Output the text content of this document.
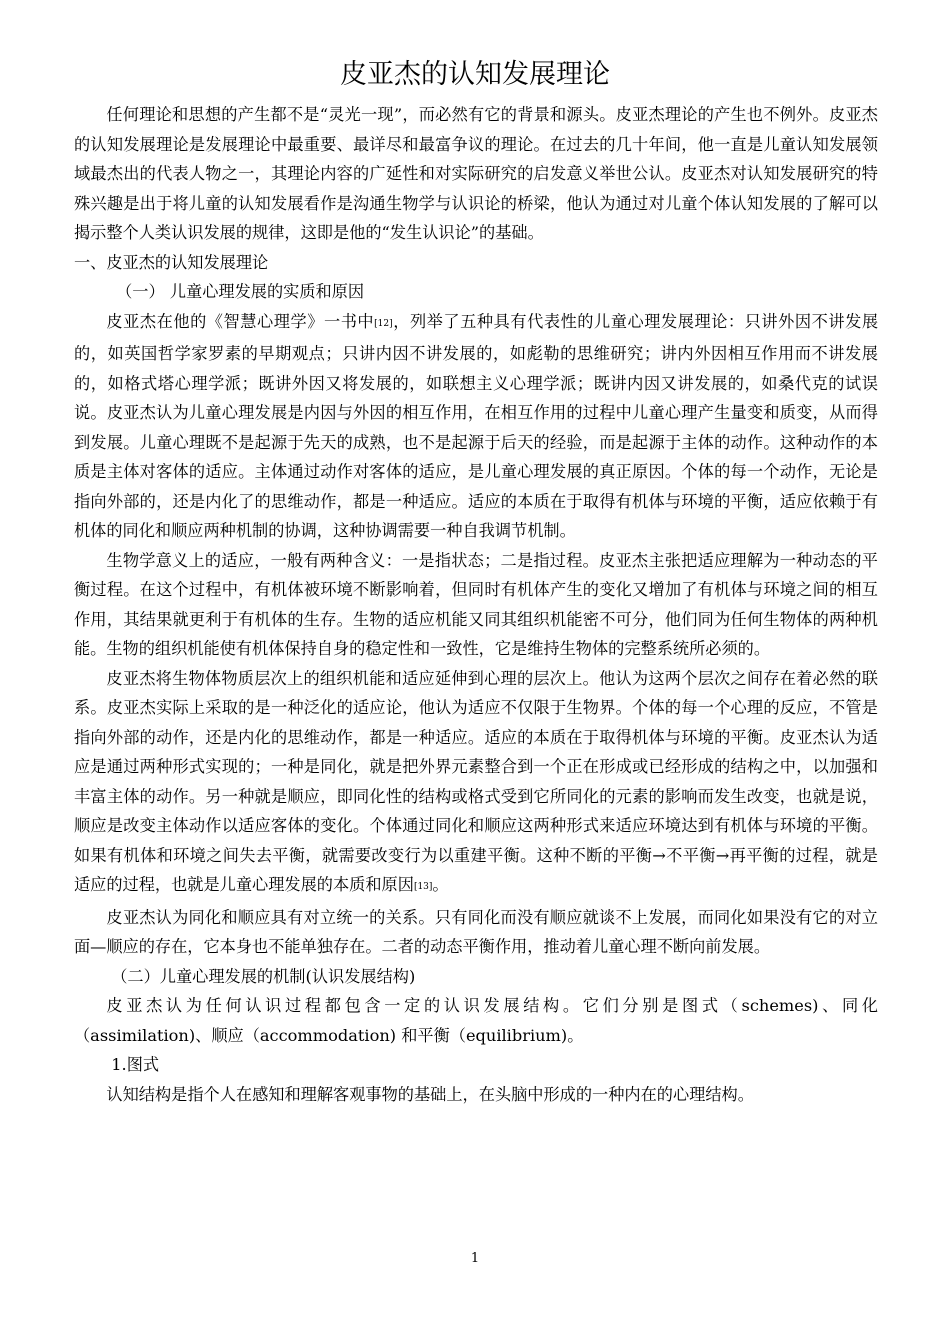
皮亚杰的认知发展理论

任何理论和思想的产生都不是“灵光一现”，而必然有它的背景和源头。皮亚杰理论的产生也不例外。皮亚杰的认知发展理论是发展理论中最重要、最详尽和最富争议的理论。在过去的几十年间，他一直是儿童认知发展领域最杰出的代表人物之一，其理论内容的广延性和对实际研究的启发意义举世公认。皮亚杰对认知发展研究的特殊兴趣是出于将儿童的认知发展看作是沟通生物学与认识论的桥梁，他认为通过对儿童个体认知发展的了解可以揭示整个人类认识发展的规律，这即是他的“发生认识论”的基础。

一、皮亚杰的认知发展理论

（一） 儿童心理发展的实质和原因

皮亚杰在他的《智慧心理学》一书中[12]，列举了五种具有代表性的儿童心理发展理论：只讲外因不讲发展的，如英国哲学家罗素的早期观点；只讲内因不讲发展的，如彪勒的思维研究；讲内外因相互作用而不讲发展的，如格式塔心理学派；既讲外因又将发展的，如联想主义心理学派；既讲内因又讲发展的，如桑代克的试误说。皮亚杰认为儿童心理发展是内因与外因的相互作用，在相互作用的过程中儿童心理产生量变和质变，从而得到发展。儿童心理既不是起源于先天的成熟，也不是起源于后天的经验，而是起源于主体的动作。这种动作的本质是主体对客体的适应。主体通过动作对客体的适应，是儿童心理发展的真正原因。个体的每一个动作，无论是指向外部的，还是内化了的思维动作，都是一种适应。适应的本质在于取得有机体与环境的平衡，适应依赖于有机体的同化和顺应两种机制的协调，这种协调需要一种自我调节机制。

生物学意义上的适应，一般有两种含义：一是指状态；二是指过程。皮亚杰主张把适应理解为一种动态的平衡过程。在这个过程中，有机体被环境不断影响着，但同时有机体产生的变化又增加了有机体与环境之间的相互作用，其结果就更利于有机体的生存。生物的适应机能又同其组织机能密不可分，他们同为任何生物体的两种机能。生物的组织机能使有机体保持自身的稳定性和一致性，它是维持生物体的完整系统所必须的。

皮亚杰将生物体物质层次上的组织机能和适应延伸到心理的层次上。他认为这两个层次之间存在着必然的联系。皮亚杰实际上采取的是一种泛化的适应论，他认为适应不仅限于生物界。个体的每一个心理的反应，不管是指向外部的动作，还是内化的思维动作，都是一种适应。适应的本质在于取得机体与环境的平衡。皮亚杰认为适应是通过两种形式实现的；一种是同化，就是把外界元素整合到一个正在形成或已经形成的结构之中，以加强和丰富主体的动作。另一种就是顺应，即同化性的结构或格式受到它所同化的元素的影响而发生改变，也就是说，顺应是改变主体动作以适应客体的变化。个体通过同化和顺应这两种形式来适应环境达到有机体与环境的平衡。如果有机体和环境之间失去平衡，就需要改变行为以重建平衡。这种不断的平衡→不平衡→再平衡的过程，就是适应的过程，也就是儿童心理发展的本质和原因[13]。

皮亚杰认为同化和顺应具有对立统一的关系。只有同化而没有顺应就谈不上发展，而同化如果没有它的对立面—顺应的存在，它本身也不能单独存在。二者的动态平衡作用，推动着儿童心理不断向前发展。

（二）儿童心理发展的机制(认识发展结构)

皮亚杰认为任何认识过程都包含一定的认识发展结构。它们分别是图式（schemes)、同化（assimilation)、顺应（accommodation) 和平衡（equilibrium)。

1.图式

认知结构是指个人在感知和理解客观事物的基础上，在头脑中形成的一种内在的心理结构。

1
